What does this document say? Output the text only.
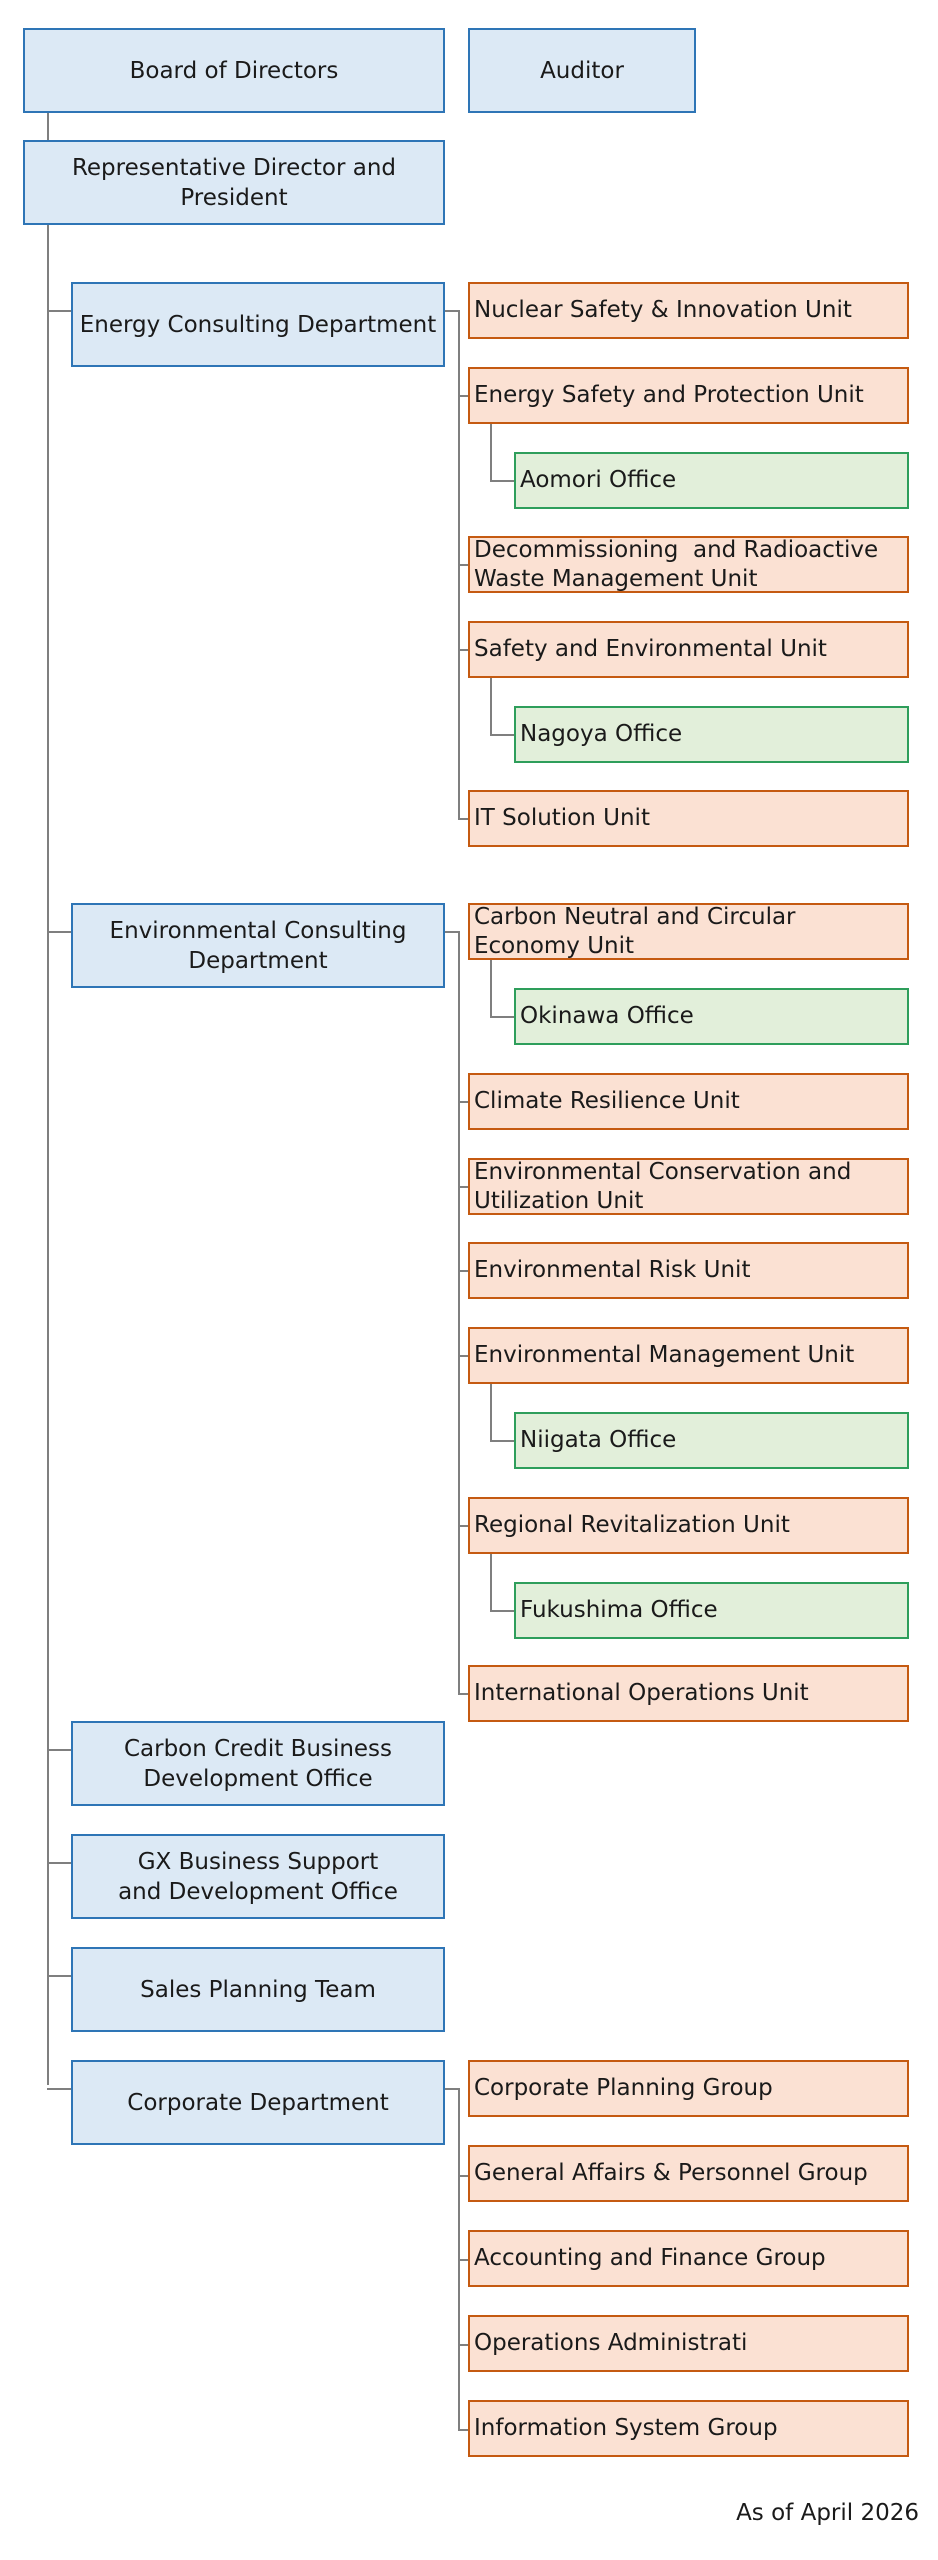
Board of Directors	Auditor
Representative Director and President
Energy Consulting Department
Nuclear Safety & Innovation Unit
Energy Safety and Protection Unit
Aomori Office
Decommissioning  and Radioactive Waste Management Unit
Safety and Environmental Unit
Nagoya Office
IT Solution Unit
Environmental Consulting Department
Carbon Neutral and Circular Economy Unit
Okinawa Office
Climate Resilience Unit
Environmental Conservation and Utilization Unit
Environmental Risk Unit
Environmental Management Unit
Niigata Office
Regional Revitalization Unit
Fukushima Office
International Operations Unit
Carbon Credit Business Development Office
GX Business Support and Development Office
Sales Planning Team
Corporate Department
Corporate Planning Group
General Affairs & Personnel Group
Accounting and Finance Group
Operations Administrati
Information System Group
As of April 2026
